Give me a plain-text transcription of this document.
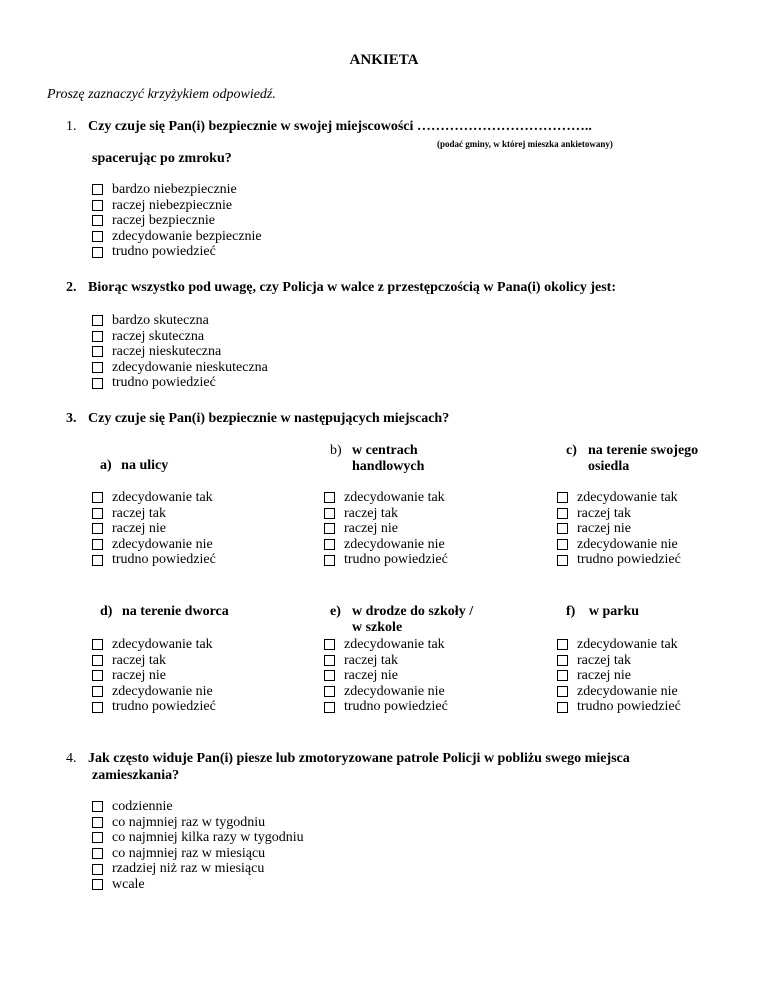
ANKIETA
Proszę zaznaczyć krzyżykiem odpowiedź.
1. Czy czuje się Pan(i) bezpiecznie w swojej miejscowości ………………………………..
(podać gminy, w której mieszka ankietowany)
spacerując po zmroku?
bardzo niebezpiecznie
raczej niebezpiecznie
raczej bezpiecznie
zdecydowanie bezpiecznie
trudno powiedzieć
2. Biorąc wszystko pod uwagę, czy Policja w walce z przestępczością w Pana(i) okolicy jest:
bardzo skuteczna
raczej skuteczna
raczej nieskuteczna
zdecydowanie nieskuteczna
trudno powiedzieć
3. Czy czuje się Pan(i) bezpiecznie w następujących miejscach?
a) na ulicy
b) w centrach
handlowych
c) na terenie swojego
osiedla
zdecydowanie tak
raczej tak
raczej nie
zdecydowanie nie
trudno powiedzieć
zdecydowanie tak
raczej tak
raczej nie
zdecydowanie nie
trudno powiedzieć
zdecydowanie tak
raczej tak
raczej nie
zdecydowanie nie
trudno powiedzieć
d) na terenie dworca	e) w drodze do szkoły /
w szkole
f) w parku
zdecydowanie tak
raczej tak
raczej nie
zdecydowanie nie
trudno powiedzieć
zdecydowanie tak
raczej tak
raczej nie
zdecydowanie nie
trudno powiedzieć
zdecydowanie tak
raczej tak
raczej nie
zdecydowanie nie
trudno powiedzieć
4. Jak często widuje Pan(i) piesze lub zmotoryzowane patrole Policji w pobliżu swego miejsca
zamieszkania?
codziennie
co najmniej raz w tygodniu
co najmniej kilka razy w tygodniu
co najmniej raz w miesiącu
rzadziej niż raz w miesiącu
wcale
